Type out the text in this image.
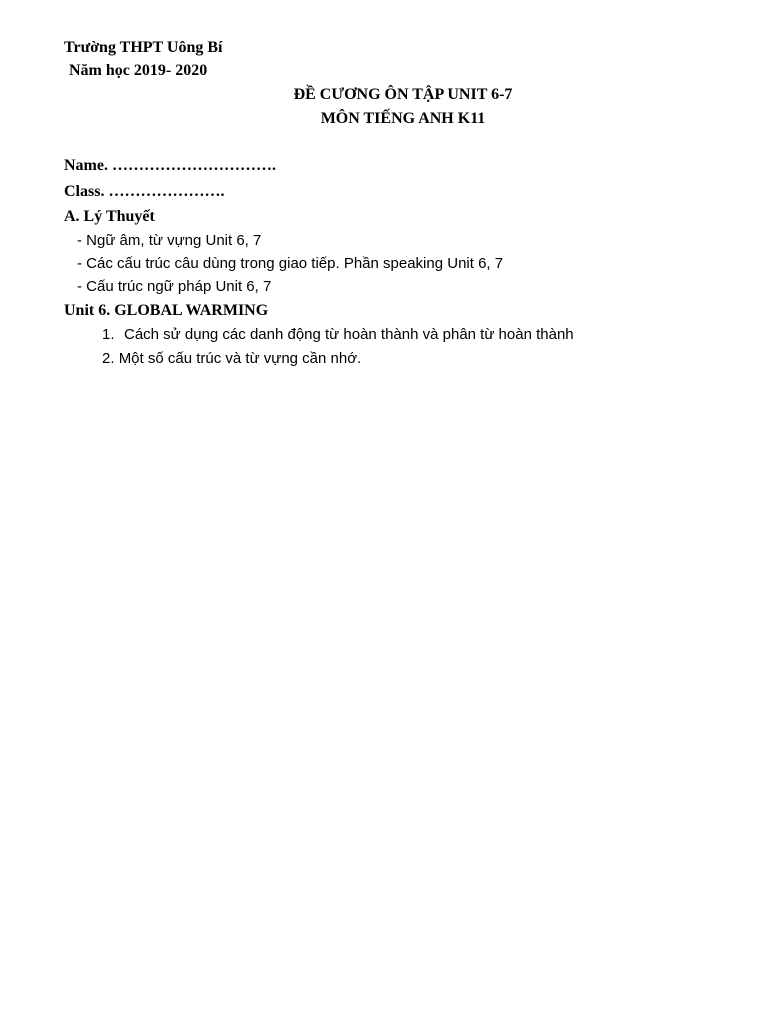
Trường THPT Uông Bí
Năm học 2019- 2020
ĐỀ CƯƠNG ÔN TẬP UNIT 6-7
MÔN TIẾNG ANH K11
Name. ………………………….
Class. ………………….
A. Lý Thuyết
- Ngữ âm, từ vựng Unit 6, 7
- Các cấu trúc câu dùng trong giao tiếp. Phần speaking Unit 6, 7
- Cấu trúc ngữ pháp Unit 6, 7
Unit 6. GLOBAL WARMING
1. Cách sử dụng các danh động từ hoàn thành và phân từ hoàn thành
2. Một số cấu trúc và từ vựng cần nhớ.
